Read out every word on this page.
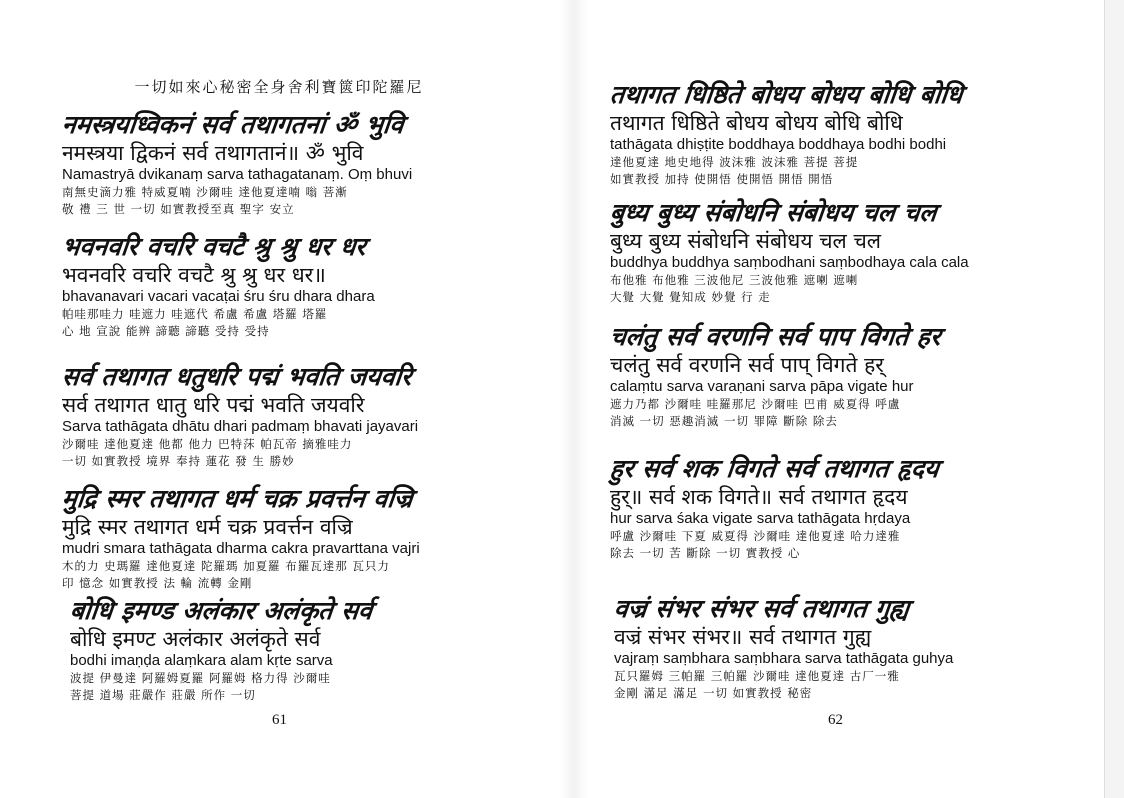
一切如來心秘密全身舍利寶篋印陀羅尼
नमस्त्रयध्विकनं सर्व तथागतनां ॐ भुवि
नमस्त्रया द्विकनं सर्व तथागतानं॥ ॐ भुवि
Namastryā dvikanaṃ sarva tathagatanaṃ. Oṃ bhuvi
南無史滴力雅 特威夏喃 沙爾哇 達他夏達喃 嗡 菩漸
敬 禮 三 世 一切 如實教授至真 聖字 安立
भवनवरि वचरि वचटै श्रु श्रु धर धर
भवनवरि वचरि वचटै श्रु श्रु धर धर॥
bhavanavari vacari vacaṭai śru śru dhara dhara
帕哇那哇力 哇遮力 哇遮代 希盧 希盧 塔羅 塔羅
心 地 宣說 能辨 諦聽 諦聽 受持 受持
सर्व तथागत धतुधरि पद्मं भवति जयवरि
सर्व तथागत धातु धरि पद्मं भवति जयवरि
Sarva tathāgata dhātu dhari padmaṃ bhavati jayavari
沙爾哇 達他夏達 他都 他力 巴特莯 帕瓦帝 摘雅哇力
一切 如實教授 境界 奉持 蓮花 發 生 勝妙
मुद्रि स्मर तथागत धर्म चक्र प्रवर्त्तन वज्रि
मुद्रि स्मर तथागत धर्म चक्र प्रवर्त्तन वज्रि
mudri smara tathāgata dharma cakra pravarttana vajri
木的力 史瑪羅 達他夏達 陀羅瑪 加夏羅 布羅瓦達那 瓦只力
印 憶念 如實教授 法 輪 流轉 金剛
बोधि इमण्ड अलंकार अलंकृते सर्व
बोधि इमण्ट अलंकार अलंकृते सर्व
bodhi imaṇḍa alaṃkara alam kṛte sarva
波提 伊曼達 阿羅姆夏羅 阿羅姆 格力得 沙爾哇
菩提 道場 莊嚴作 莊嚴 所作 一切
61
तथागत धिष्ठिते बोधय बोधय बोधि बोधि
तथागत धिष्ठिते बोधय बोधय बोधि बोधि
tathāgata dhiṣṭite boddhaya boddhaya bodhi bodhi
達他夏達 地史地得 波沫雅 波沫雅 菩提 菩提
如實教授 加持 使開悟 使開悟 開悟 開悟
बुध्य बुध्य संबोधनि संबोधय चल चल
बुध्य बुध्य संबोधनि संबोधय चल चल
buddhya buddhya saṃbodhani saṃbodhaya cala cala
布他雅 布他雅 三波他尼 三波他雅 遮喇 遮喇
大覺 大覺 覺知成 妙覺 行 走
चलंतु सर्व वरणनि सर्व पाप विगते हर
चलंतु सर्व वरणनि सर्व पाप् विगते हर्
calaṃtu sarva varaṇani sarva pāpa vigate hur
遮力乃都 沙爾哇 哇羅那尼 沙爾哇 巴甫 威夏得 呼盧
消滅 一切 惡趣消滅 一切 罪障 斷除 除去
हुर सर्व शक विगते सर्व तथागत हृदय
हुर्॥ सर्व शक विगते॥ सर्व तथागत हृदय
hur sarva śaka vigate sarva tathāgata hṛdaya
呼盧 沙爾哇 下夏 威夏得 沙爾哇 達他夏達 哈力達雅
除去 一切 苦 斷除 一切 實教授 心
वज्रं संभर संभर सर्व तथागत गुह्य
वज्रं संभर संभर॥ सर्व तथागत गुह्य
vajraṃ saṃbhara saṃbhara sarva tathāgata guhya
瓦只羅姆 三帕羅 三帕羅 沙爾哇 達他夏達 古厂一雅
金剛 滿足 滿足 一切 如實教授 秘密
62
